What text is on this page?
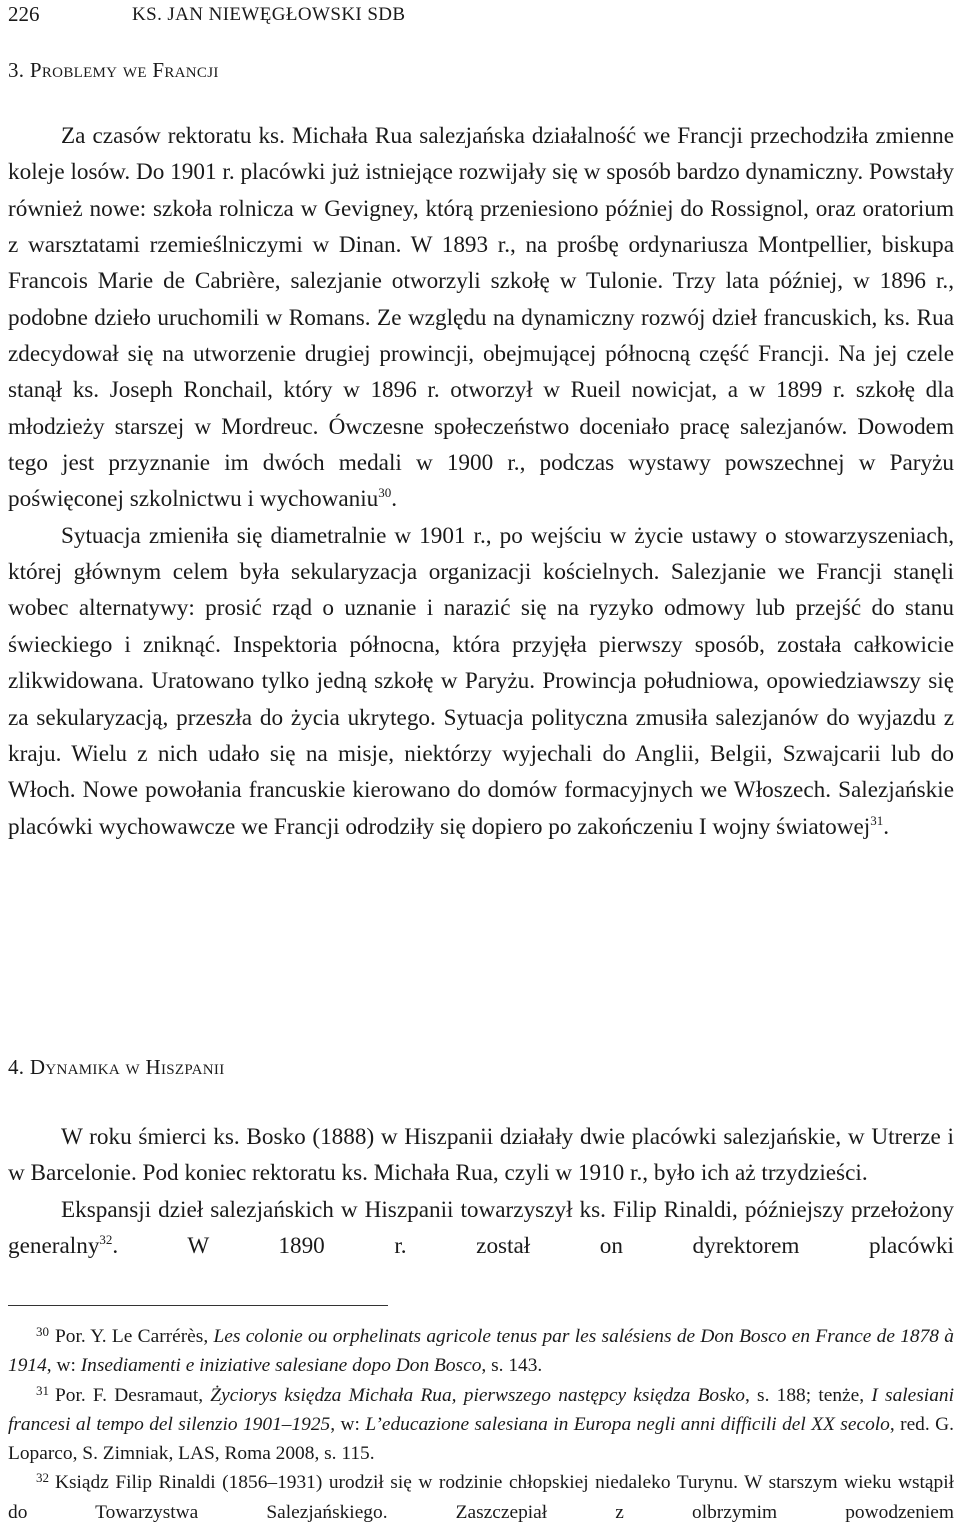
226	KS. JAN NIEWĘGŁOWSKI SDB
3. Problemy we Francji

Za czasów rektoratu ks. Michała Rua salezjańska działalność we Francji przechodziła zmienne koleje losów. Do 1901 r. placówki już istniejące rozwijały się w sposób bardzo dynamiczny. Powstały również nowe: szkoła rolnicza w Gevigney, którą przeniesiono później do Rossignol, oraz oratorium z warsztatami rzemieślniczymi w Dinan. W 1893 r., na prośbę ordynariusza Montpellier, biskupa Francois Marie de Cabrière, salezjanie otworzyli szkołę w Tulonie. Trzy lata później, w 1896 r., podobne dzieło uruchomili w Romans. Ze względu na dynamiczny rozwój dzieł francuskich, ks. Rua zdecydował się na utworzenie drugiej prowincji, obejmującej północną część Francji. Na jej czele stanął ks. Joseph Ronchail, który w 1896 r. otworzył w Rueil nowicjat, a w 1899 r. szkołę dla młodzieży starszej w Mordreuc. Ówczesne społeczeństwo doceniało pracę salezjanów. Dowodem tego jest przyznanie im dwóch medali w 1900 r., podczas wystawy powszechnej w Paryżu poświęconej szkolnictwu i wychowaniu$^{30}$.

Sytuacja zmieniła się diametralnie w 1901 r., po wejściu w życie ustawy o stowarzyszeniach, której głównym celem była sekularyzacja organizacji kościelnych. Salezjanie we Francji stanęli wobec alternatywy: prosić rząd o uznanie i narazić się na ryzyko odmowy lub przejść do stanu świeckiego i zniknąć. Inspektoria północna, która przyjęła pierwszy sposób, została całkowicie zlikwidowana. Uratowano tylko jedną szkołę w Paryżu. Prowincja południowa, opowiedziawszy się za sekularyzacją, przeszła do życia ukrytego. Sytuacja polityczna zmusiła salezjanów do wyjazdu z kraju. Wielu z nich udało się na misje, niektórzy wyjechali do Anglii, Belgii, Szwajcarii lub do Włoch. Nowe powołania francuskie kierowano do domów formacyjnych we Włoszech. Salezjańskie placówki wychowawcze we Francji odrodziły się dopiero po zakończeniu I wojny światowej$^{31}$.

4. Dynamika w Hiszpanii

W roku śmierci ks. Bosko (1888) w Hiszpanii działały dwie placówki salezjańskie, w Utrerze i w Barcelonie. Pod koniec rektoratu ks. Michała Rua, czyli w 1910 r., było ich aż trzydzieści.

Ekspansji dzieł salezjańskich w Hiszpanii towarzyszył ks. Filip Rinaldi, późniejszy przełożony generalny$^{32}$. W 1890 r. został on dyrektorem placówki

$^{30}$ Por. Y. Le Carrérès, Les colonie ou orphelinats agricole tenus par les salésiens de Don Bosco en France de 1878 à 1914, w: Insediamenti e iniziative salesiane dopo Don Bosco, s. 143.

$^{31}$ Por. F. Desramaut, Życiorys księdza Michała Rua, pierwszego następcy księdza Bosko, s. 188; tenże, I salesiani francesi al tempo del silenzio 1901–1925, w: L’educazione salesiana in Europa negli anni difficili del XX secolo, red. G. Loparco, S. Zimniak, LAS, Roma 2008, s. 115.

$^{32}$ Ksiądz Filip Rinaldi (1856–1931) urodził się w rodzinie chłopskiej niedaleko Turynu. W starszym wieku wstąpił do Towarzystwa Salezjańskiego. Zaszczepiał z olbrzymim powodzeniem
